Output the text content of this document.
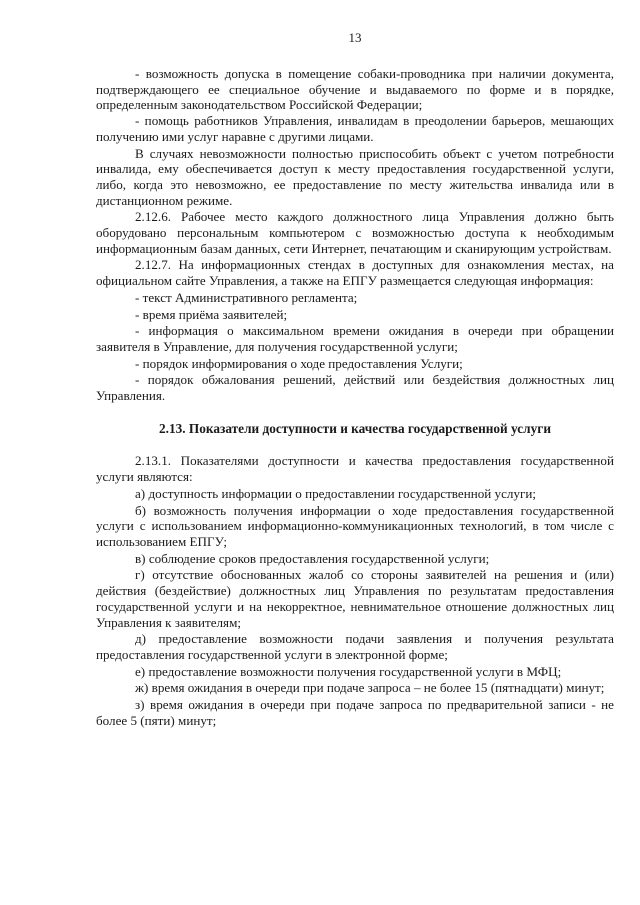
13

- возможность допуска в помещение собаки-проводника при наличии документа, подтверждающего ее специальное обучение и выдаваемого по форме и в порядке, определенным законодательством Российской Федерации;

- помощь работников Управления, инвалидам в преодолении барьеров, мешающих получению ими услуг наравне с другими лицами.

В случаях невозможности полностью приспособить объект с учетом потребности инвалида, ему обеспечивается доступ к месту предоставления государственной услуги, либо, когда это невозможно, ее предоставление по месту жительства инвалида или в дистанционном режиме.

2.12.6. Рабочее место каждого должностного лица Управления должно быть оборудовано персональным компьютером с возможностью доступа к необходимым информационным базам данных, сети Интернет, печатающим и сканирующим устройствам.

2.12.7. На информационных стендах в доступных для ознакомления местах, на официальном сайте Управления, а также на ЕПГУ размещается следующая информация:

- текст Административного регламента;

- время приёма заявителей;

- информация о максимальном времени ожидания в очереди при обращении заявителя в Управление, для получения государственной услуги;

- порядок информирования о ходе предоставления Услуги;

- порядок обжалования решений, действий или бездействия должностных лиц Управления.

2.13. Показатели доступности и качества государственной услуги

2.13.1. Показателями доступности и качества предоставления государственной услуги являются:

а) доступность информации о предоставлении государственной услуги;

б) возможность получения информации о ходе предоставления государственной услуги с использованием информационно-коммуникационных технологий, в том числе с использованием ЕПГУ;

в) соблюдение сроков предоставления государственной услуги;

г) отсутствие обоснованных жалоб со стороны заявителей на решения и (или) действия (бездействие) должностных лиц Управления по результатам предоставления государственной услуги и на некорректное, невнимательное отношение должностных лиц Управления к заявителям;

д) предоставление возможности подачи заявления и получения результата предоставления государственной услуги в электронной форме;

е) предоставление возможности получения государственной услуги в МФЦ;

ж) время ожидания в очереди при подаче запроса – не более 15 (пятнадцати) минут;

з) время ожидания в очереди при подаче запроса по предварительной записи - не более 5 (пяти) минут;
